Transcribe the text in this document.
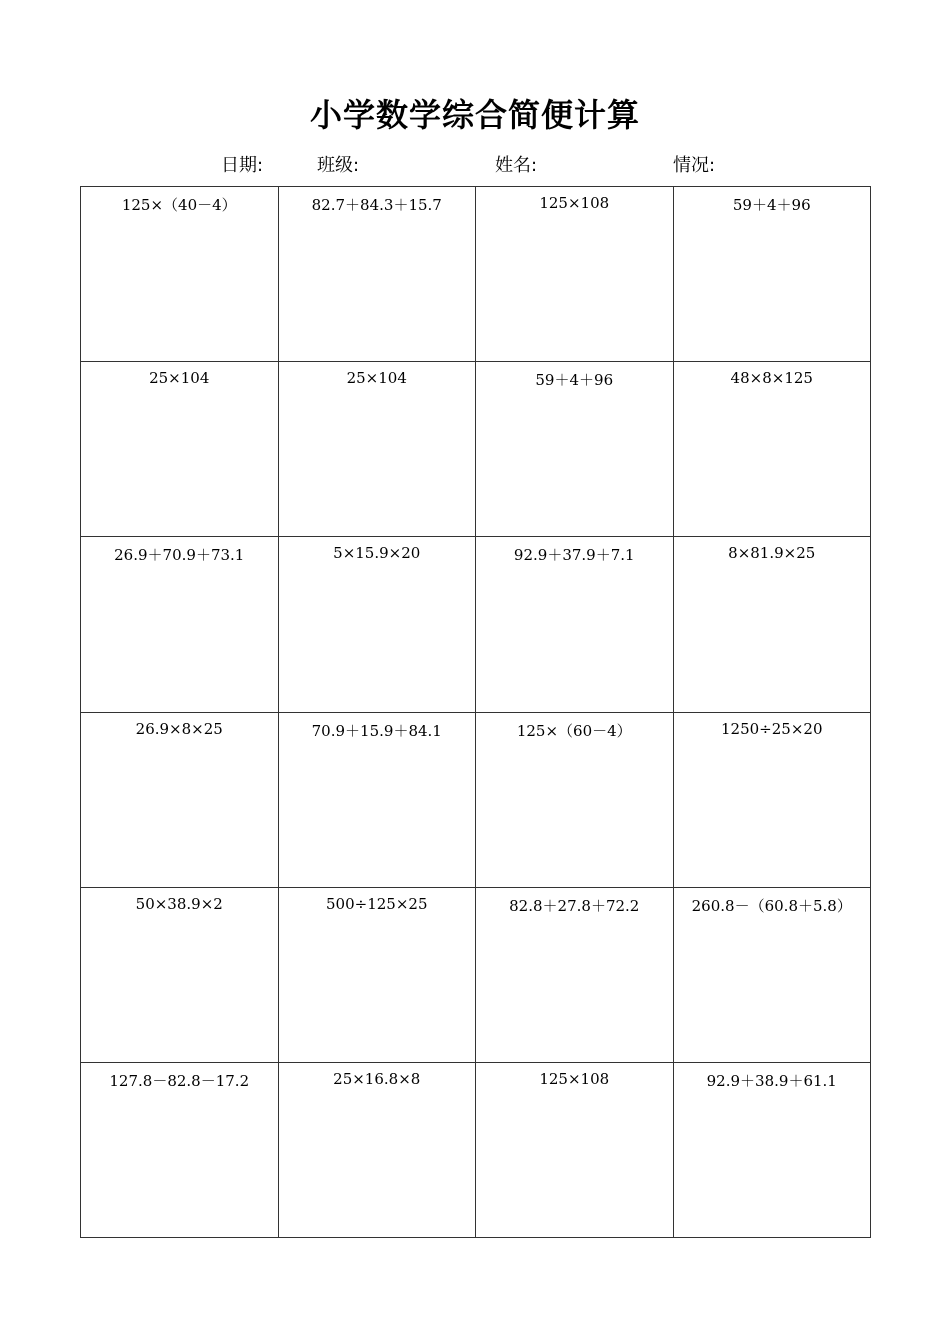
小学数学综合简便计算
日期:	班级:	姓名:	情况:
125×（40－4）	82.7＋84.3＋15.7	125×108	59＋4＋96
25×104	25×104	59＋4＋96	48×8×125
26.9＋70.9＋73.1	5×15.9×20	92.9＋37.9＋7.1	8×81.9×25
26.9×8×25	70.9＋15.9＋84.1	125×（60－4）	1250÷25×20
50×38.9×2	500÷125×25	82.8＋27.8＋72.2	260.8－（60.8＋5.8）
127.8－82.8－17.2	25×16.8×8	125×108	92.9＋38.9＋61.1
